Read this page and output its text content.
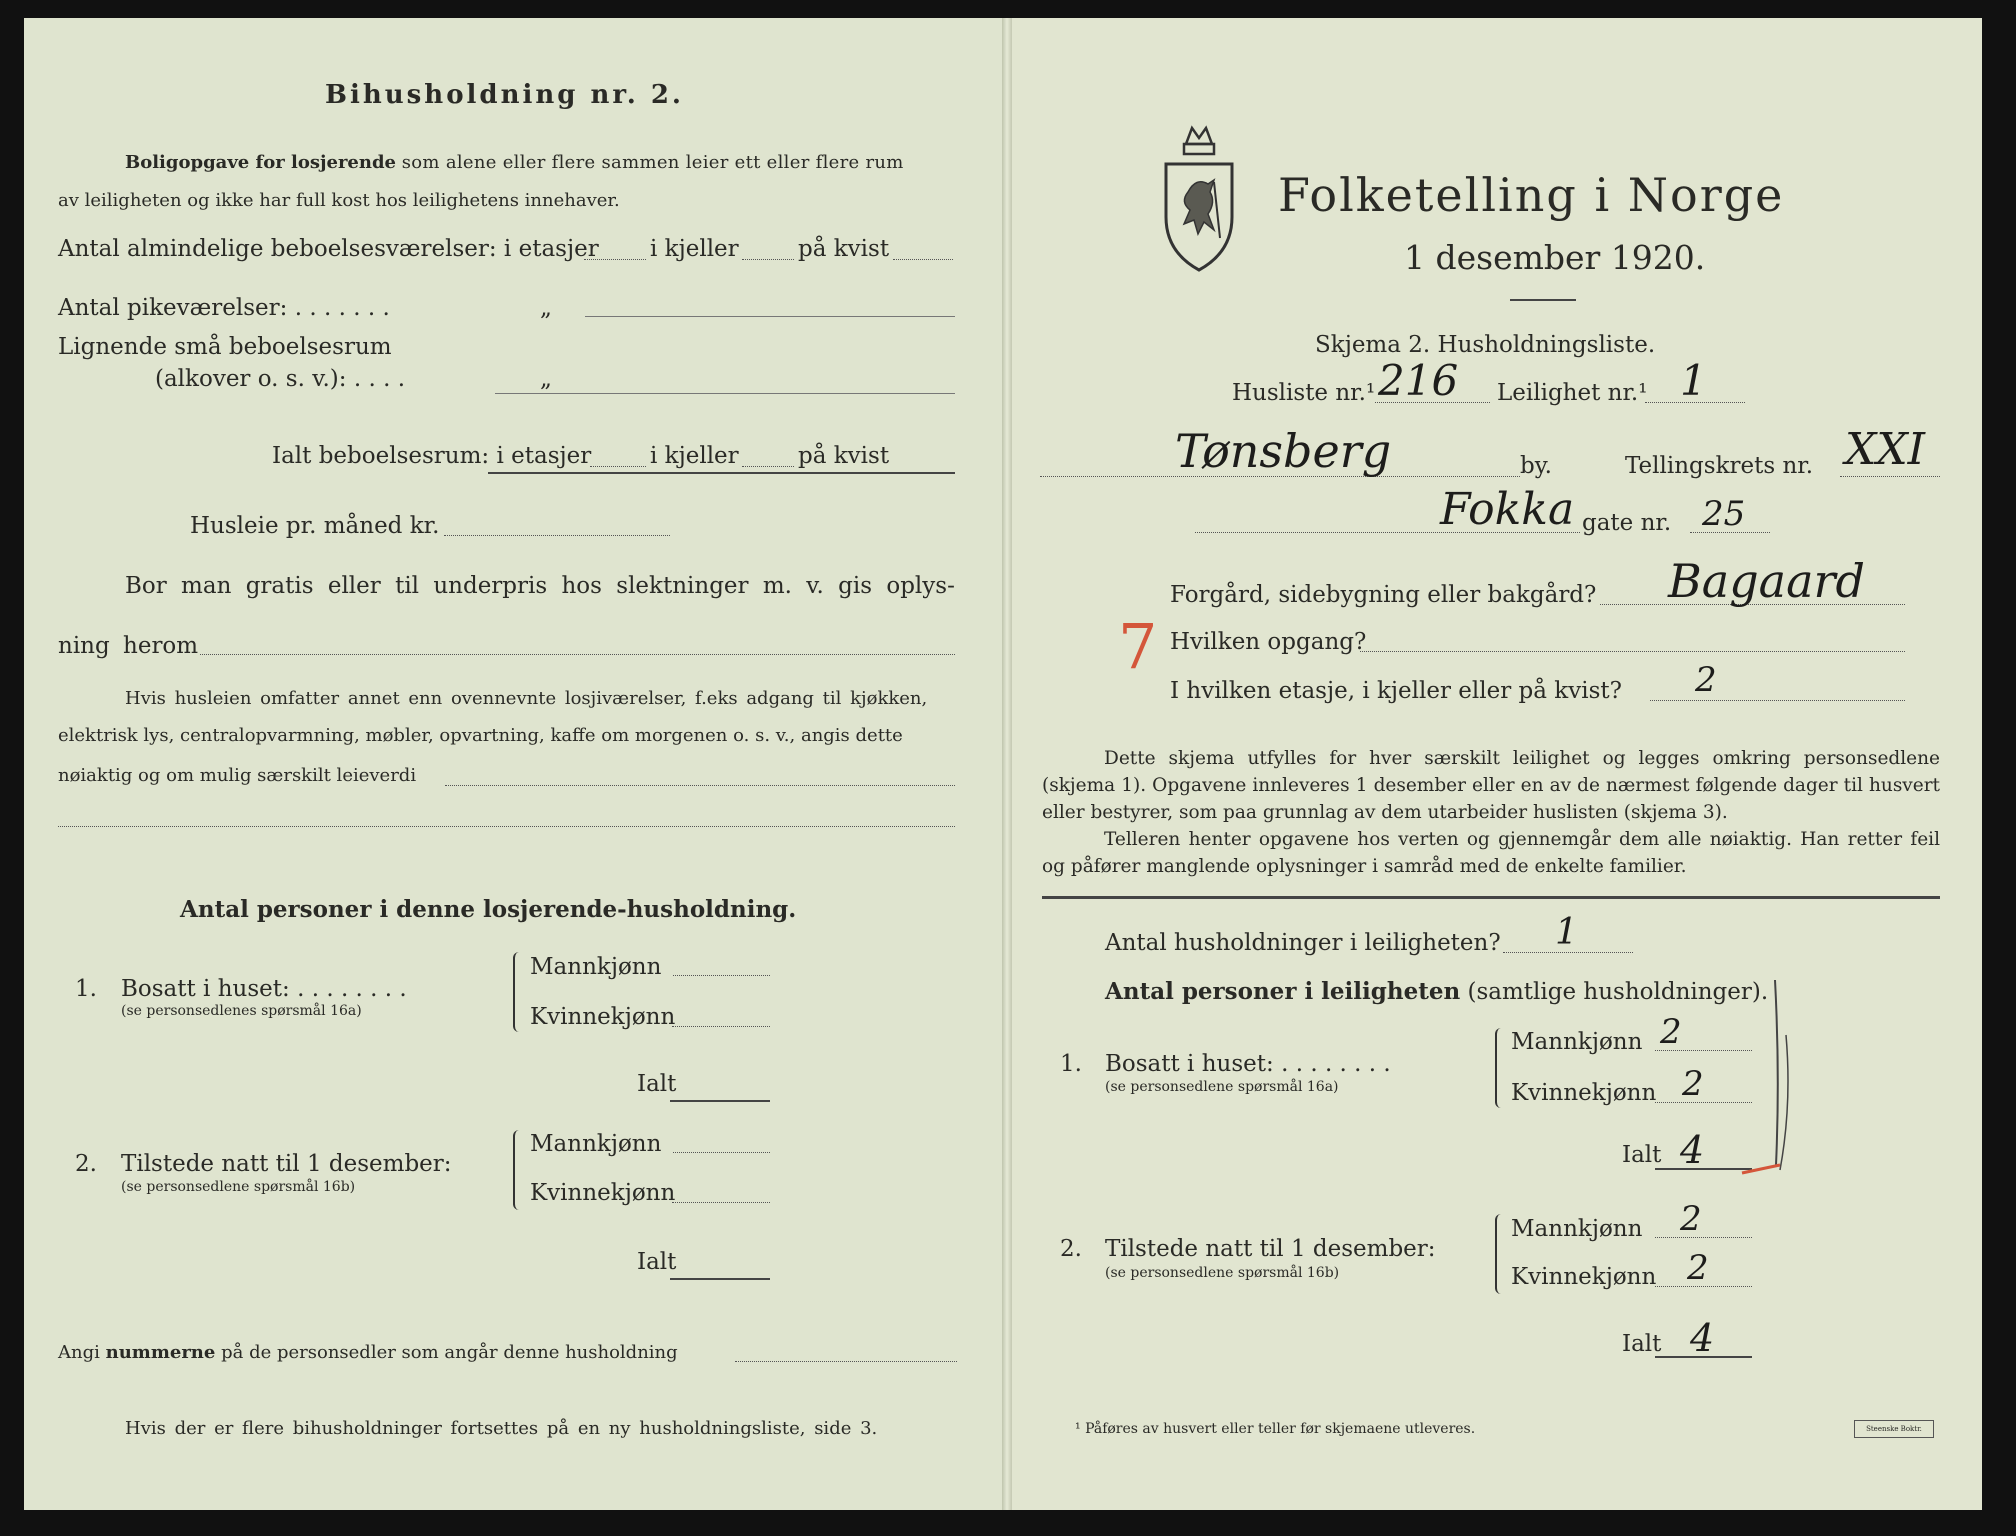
Bihusholdning nr. 2.
Boligopgave for losjerende som alene eller flere sammen leier ett eller flere rum
av leiligheten og ikke har full kost hos leilighetens innehaver.
Antal almindelige beboelsesværelser: i etasjer i kjeller	på kvist
Antal pikeværelser: . . . . . . .	„
Lignende små beboelsesrum
(alkover o. s. v.): . . . .	„
Ialt beboelsesrum: i etasjer	i kjeller	på kvist
Husleie pr. måned kr.
Bor man gratis eller til underpris hos slektninger m. v. gis oplys-
ning herom
Hvis husleien omfatter annet enn ovennevnte losjiværelser, f.eks adgang til kjøkken,
elektrisk lys, centralopvarmning, møbler, opvartning, kaffe om morgenen o. s. v., angis dette
nøiaktig og om mulig særskilt leieverdi
Antal personer i denne losjerende-husholdning.
1. Bosatt i huset: . . . . . . . .
(se personsedlenes spørsmål 16a)
Mannkjønn
Kvinnekjønn
Ialt
2. Tilstede natt til 1 desember:
(se personsedlene spørsmål 16b)
Mannkjønn
Kvinnekjønn
Ialt
Angi nummerne på de personsedler som angår denne husholdning
Hvis der er flere bihusholdninger fortsettes på en ny husholdningsliste, side 3.
Folketelling i Norge
1 desember 1920.
Skjema 2. Husholdningsliste.
Husliste nr.¹ 216 Leilighet nr.¹ 1
Tønsberg	by.	Tellingskrets nr. XXI
Fokka gate nr. 25
Forgård, sidebygning eller bakgård? Bagaard
Hvilken opgang?
7
I hvilken etasje, i kjeller eller på kvist? 2
Dette skjema utfylles for hver særskilt leilighet og legges omkring personsedlene (skjema 1). Opgavene innleveres 1 desember eller en av de nærmest følgende dager til husvert eller bestyrer, som paa grunnlag av dem utarbeider huslisten (skjema 3).
Telleren henter opgavene hos verten og gjennemgår dem alle nøiaktig. Han retter feil og påfører manglende oplysninger i samråd med de enkelte familier.
Antal husholdninger i leiligheten? 1
Antal personer i leiligheten (samtlige husholdninger).
1. Bosatt i huset: . . . . . . . .
(se personsedlene spørsmål 16a)
Mannkjønn 2
Kvinnekjønn 2
Ialt 4
2. Tilstede natt til 1 desember:
(se personsedlene spørsmål 16b)
Mannkjønn 2
Kvinnekjønn 2
Ialt 4
¹ Påføres av husvert eller teller før skjemaene utleveres.	Steenske Boktr.
